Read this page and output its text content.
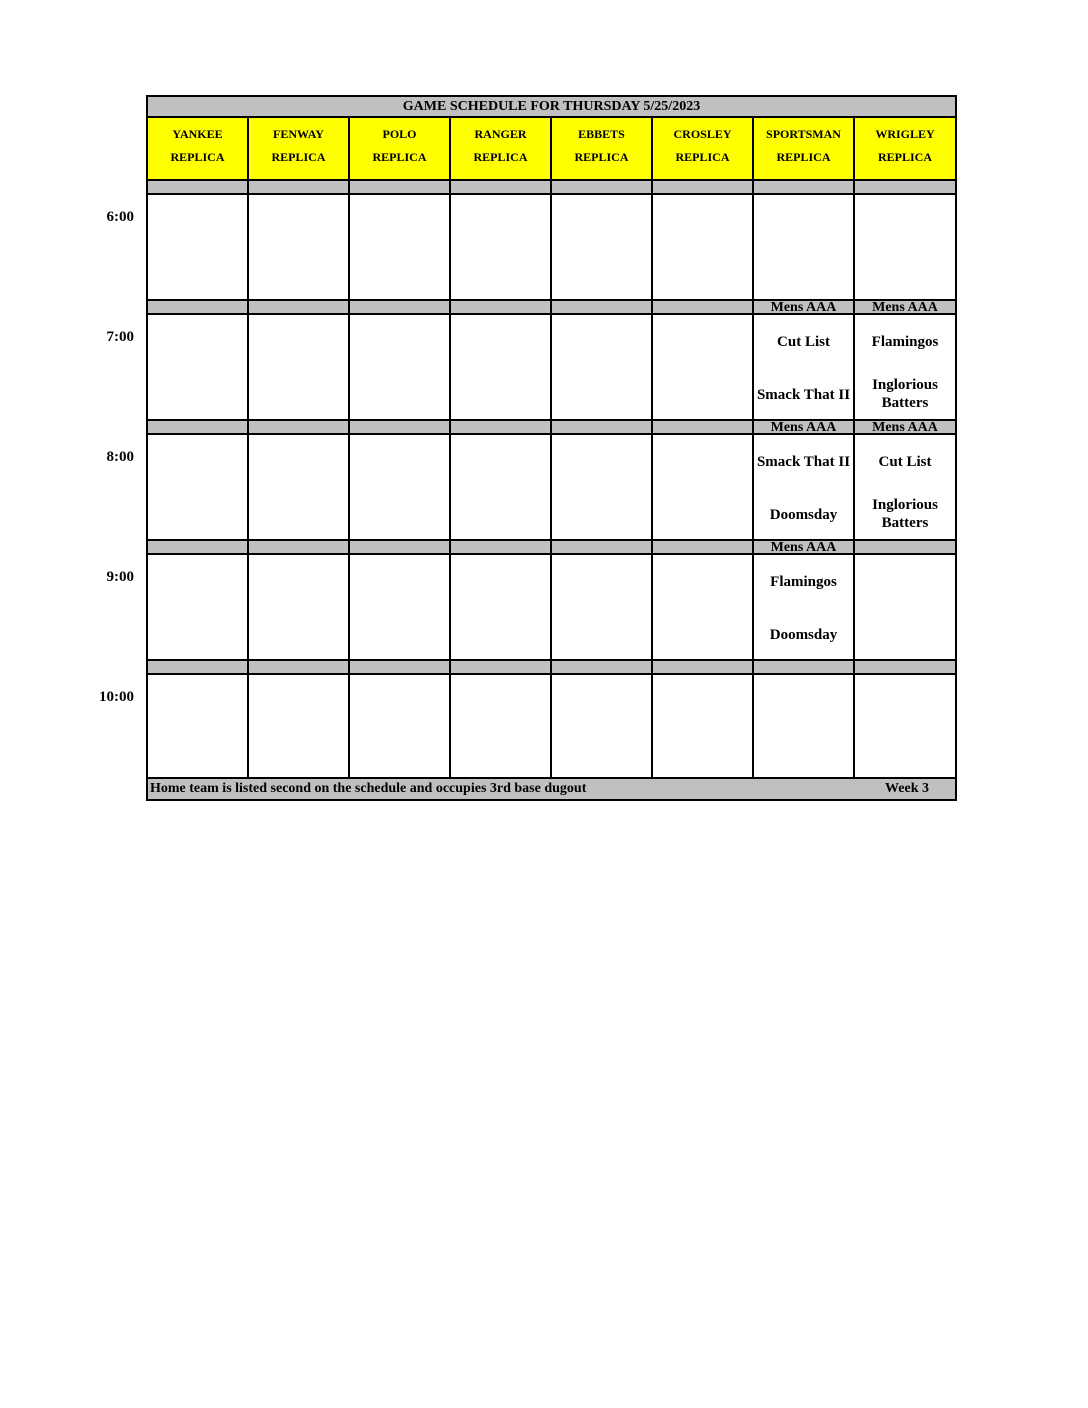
GAME SCHEDULE FOR THURSDAY 5/25/2023
YANKEE
REPLICA
FENWAY
REPLICA
POLO
REPLICA
RANGER
REPLICA
EBBETS
REPLICA
CROSLEY
REPLICA
SPORTSMAN
REPLICA
WRIGLEY
REPLICA
Mens AAA
Cut List
Smack That II
Mens AAA
Flamingos
Inglorious Batters
Mens AAA
Smack That II
Doomsday
Mens AAA
Cut List
Inglorious Batters
Mens AAA
Flamingos
Doomsday
Home team is listed second on the schedule and occupies 3rd base dugout	Week 3
6:00
7:00
8:00
9:00
10:00
